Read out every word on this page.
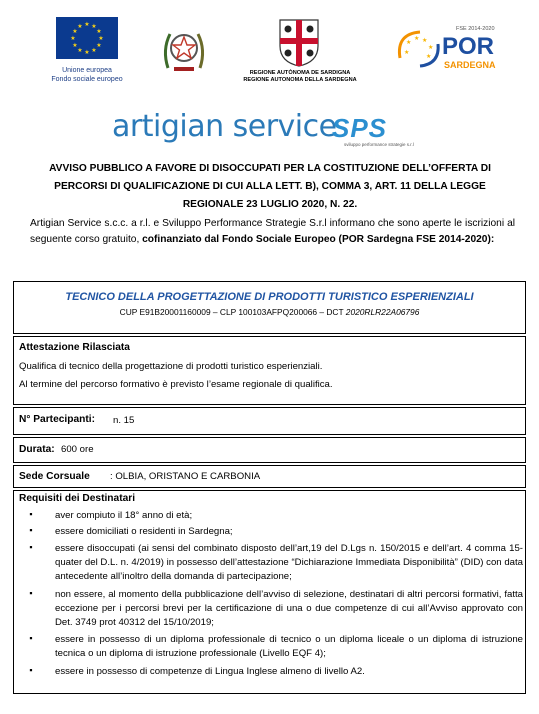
★ ★
★
★
★
★
★
★
★
★
★
★
Unione europea
Fondo sociale europeo
REGIONE AUTÒNOMA DE SARDIGNA
REGIONE AUTONOMA DELLA SARDEGNA
★
★ ★
★
★
★
FSE 2014-2020
POR
SARDEGNA
artigian service
SPS
sviluppo performance strategie s.r.l
AVVISO PUBBLICO A FAVORE DI DISOCCUPATI PER LA COSTITUZIONE DELL’OFFERTA DI
PERCORSI DI QUALIFICAZIONE DI CUI ALLA LETT. B), COMMA 3, ART. 11 DELLA LEGGE
REGIONALE 23 LUGLIO 2020, N. 22.
Artigian Service s.c.c. a r.l. e Sviluppo Performance Strategie S.r.l informano che sono aperte le iscrizioni al seguente corso gratuito, cofinanziato dal Fondo Sociale Europeo (POR Sardegna FSE 2014-2020):
TECNICO DELLA PROGETTAZIONE DI PRODOTTI TURISTICO ESPERIENZIALI
CUP E91B20001160009 – CLP 100103AFPQ200066 – DCT 2020RLR22A06796
Attestazione Rilasciata
Qualifica di tecnico della progettazione di prodotti turistico esperienziali.
Al termine del percorso formativo è previsto l’esame regionale di qualifica.
N° Partecipanti: n. 15
Durata: 600 ore
Sede Corsuale : OLBIA, ORISTANO E CARBONIA
Requisiti dei Destinatari
▪	aver compiuto il 18° anno di età;
▪	essere domiciliati o residenti in Sardegna;
▪	essere disoccupati (ai sensi del combinato disposto dell’art,19 del D.Lgs n. 150/2015 e dell’art. 4 comma 15-quater del D.L. n. 4/2019) in possesso dell’attestazione “Dichiarazione Immediata Disponibilità” (DID) con data antecedente all’inoltro della domanda di partecipazione;
▪	non essere, al momento della pubblicazione dell’avviso di selezione, destinatari di altri percorsi formativi, fatta eccezione per i percorsi brevi per la certificazione di una o due competenze di cui all’Avviso approvato con Det. 3749 prot 40312 del 15/10/2019;
▪	essere in possesso di un diploma professionale di tecnico o un diploma liceale o un diploma di istruzione tecnica o un diploma di istruzione professionale (Livello EQF 4);
▪	essere in possesso di competenze di Lingua Inglese almeno di livello A2.
